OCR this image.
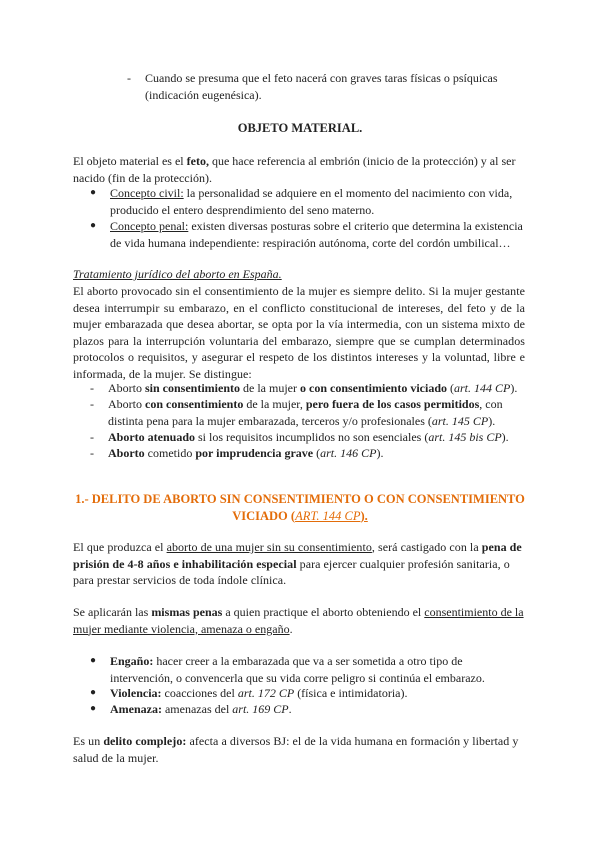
-	Cuando se presuma que el feto nacerá con graves taras físicas o psíquicas (indicación eugenésica).
OBJETO MATERIAL.
El objeto material es el feto, que hace referencia al embrión (inicio de la protección) y al ser nacido (fin de la protección).
●	Concepto civil: la personalidad se adquiere en el momento del nacimiento con vida, producido el entero desprendimiento del seno materno.
●	Concepto penal: existen diversas posturas sobre el criterio que determina la existencia de vida humana independiente: respiración autónoma, corte del cordón umbilical…
Tratamiento jurídico del aborto en España.
El aborto provocado sin el consentimiento de la mujer es siempre delito. Si la mujer gestante desea interrumpir su embarazo, en el conflicto constitucional de intereses, del feto y de la mujer embarazada que desea abortar, se opta por la vía intermedia, con un sistema mixto de plazos para la interrupción voluntaria del embarazo, siempre que se cumplan determinados protocolos o requisitos, y asegurar el respeto de los distintos intereses y la voluntad, libre e informada, de la mujer. Se distingue:
-	Aborto sin consentimiento de la mujer o con consentimiento viciado (art. 144 CP).
-	Aborto con consentimiento de la mujer, pero fuera de los casos permitidos, con distinta pena para la mujer embarazada, terceros y/o profesionales (art. 145 CP).
-	Aborto atenuado si los requisitos incumplidos no son esenciales (art. 145 bis CP).
-	Aborto cometido por imprudencia grave (art. 146 CP).
1.- DELITO DE ABORTO SIN CONSENTIMIENTO O CON CONSENTIMIENTO VICIADO (ART. 144 CP).
El que produzca el aborto de una mujer sin su consentimiento, será castigado con la pena de prisión de 4-8 años e inhabilitación especial para ejercer cualquier profesión sanitaria, o para prestar servicios de toda índole clínica.
Se aplicarán las mismas penas a quien practique el aborto obteniendo el consentimiento de la mujer mediante violencia, amenaza o engaño.
●	Engaño: hacer creer a la embarazada que va a ser sometida a otro tipo de intervención, o convencerla que su vida corre peligro si continúa el embarazo.
●	Violencia: coacciones del art. 172 CP (física e intimidatoria).
●	Amenaza: amenazas del art. 169 CP.
Es un delito complejo: afecta a diversos BJ: el de la vida humana en formación y libertad y salud de la mujer.
